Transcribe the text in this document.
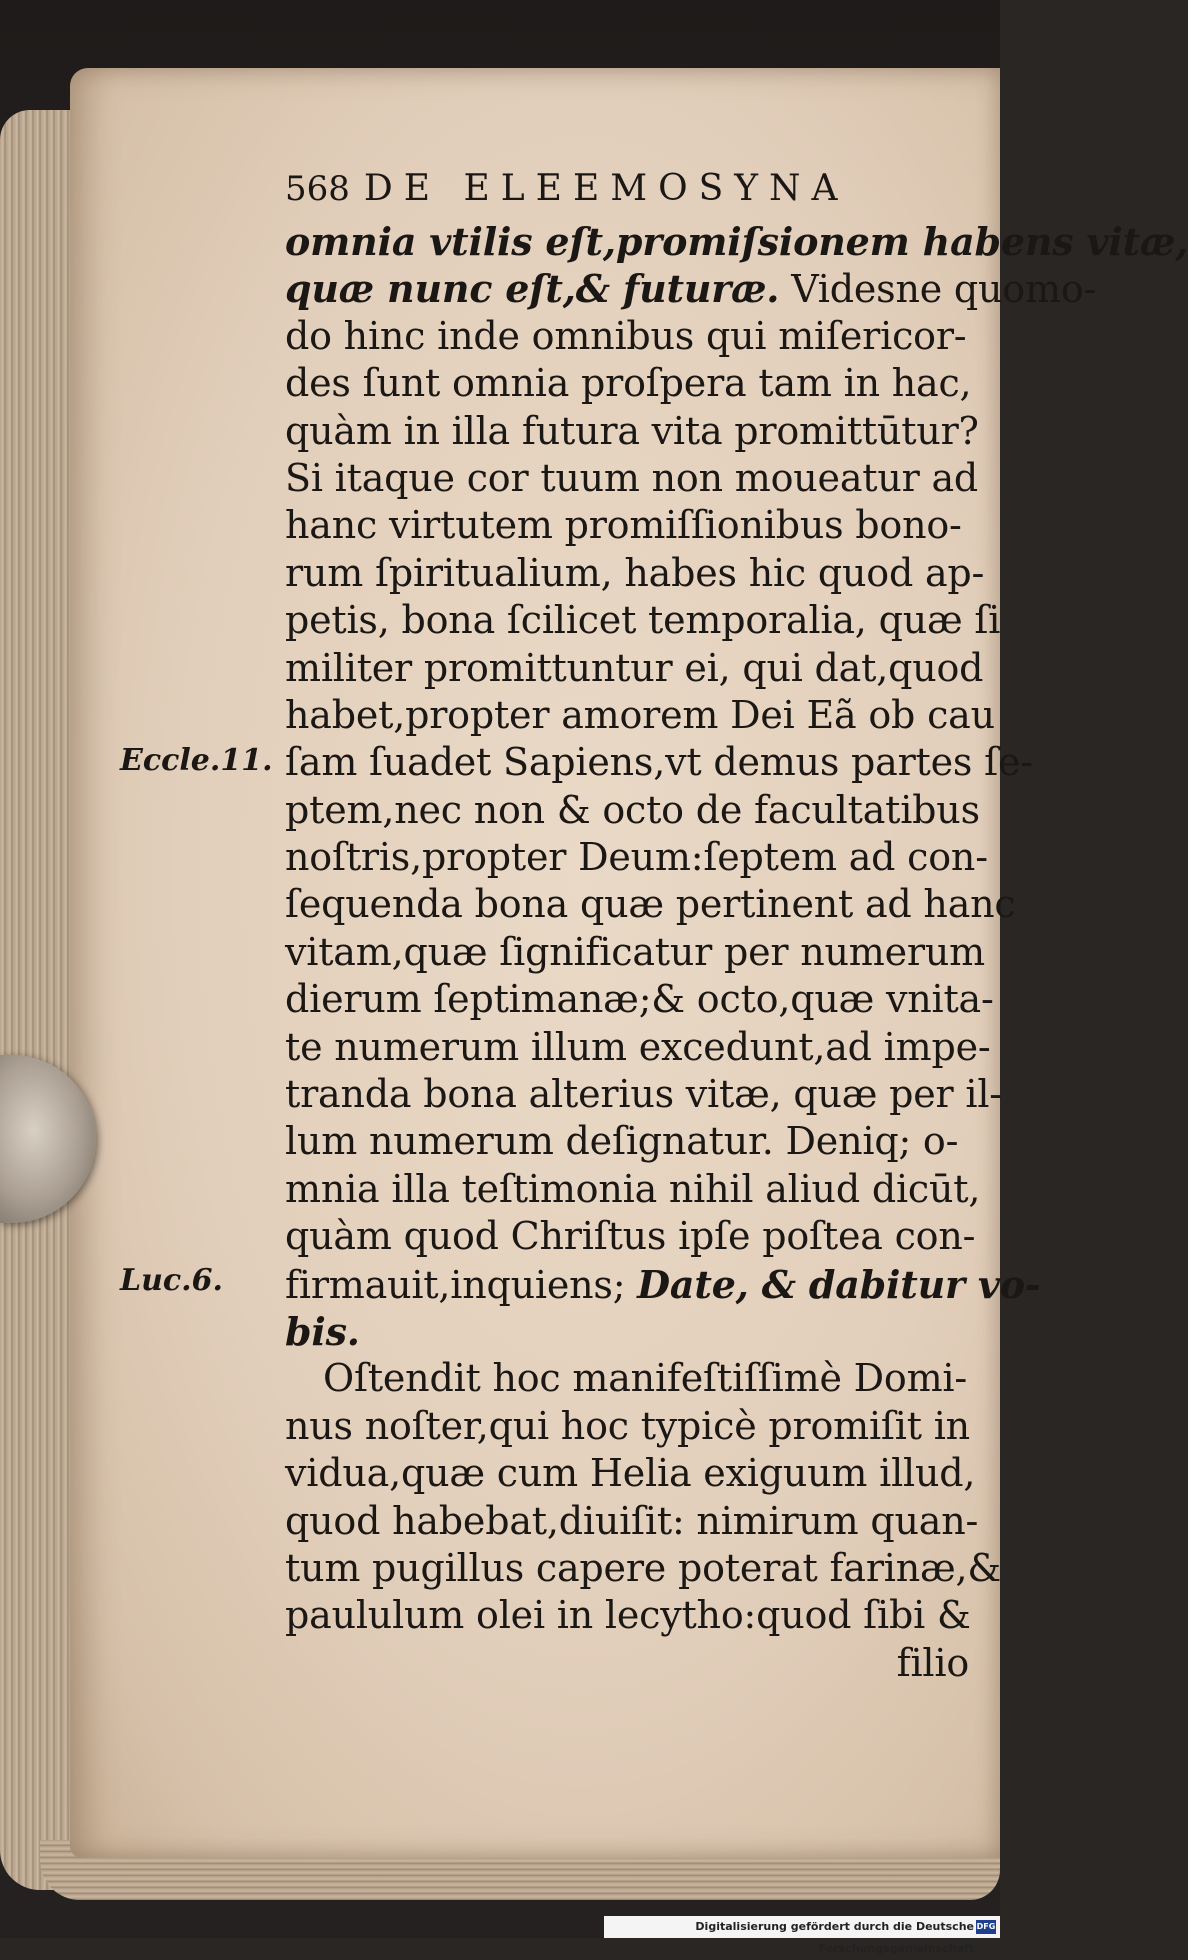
568 DE ELEEMOSYNA
omnia vtilis eſt,promiſsionem habens vitæ,
quæ nunc eſt,& futuræ. Videsne quomo-
do hinc inde omnibus qui miſericor-
des ſunt omnia proſpera tam in hac,
quàm in illa futura vita promittūtur?
Si itaque cor tuum non moueatur ad
hanc virtutem promiſſionibus bono-
rum ſpiritualium, habes hic quod ap-
petis, bona ſcilicet temporalia, quæ ſi
militer promittuntur ei, qui dat,quod
habet,propter amorem Dei Eã ob cau
ſam ſuadet Sapiens,vt demus partes ſe-
ptem,nec non & octo de facultatibus
noſtris,propter Deum:ſeptem ad con-
ſequenda bona quæ pertinent ad hanc
vitam,quæ ſignificatur per numerum
dierum ſeptimanæ;& octo,quæ vnita-
te numerum illum excedunt,ad impe-
tranda bona alterius vitæ, quæ per il-
lum numerum deſignatur. Deniq; o-
mnia illa teſtimonia nihil aliud dicūt,
quàm quod Chriſtus ipſe poſtea con-
firmauit,inquiens; Date, & dabitur vo-
bis.
Oſtendit hoc manifeſtiſſimè Domi-
nus noſter,qui hoc typicè promiſit in
vidua,quæ cum Helia exiguum illud,
quod habebat,diuiſit: nimirum quan-
tum pugillus capere poterat farinæ,&
paululum olei in lecytho:quod ſibi &
filio
Eccle.11.
Luc.6.
Digitalisierung gefördert durch die Deutsche Forschungsgemeinschaft
DFG
